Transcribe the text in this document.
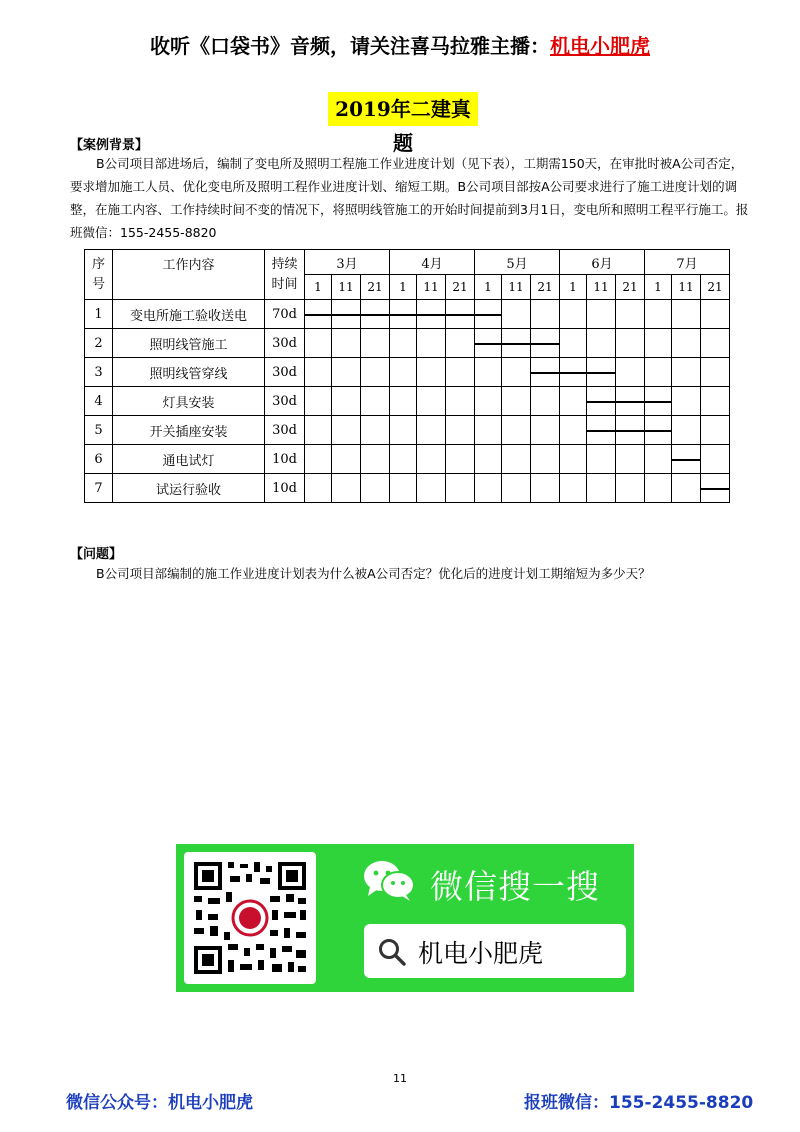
收听《口袋书》音频，请关注喜马拉雅主播：机电小肥虎
2019年二建真题
【案例背景】
B公司项目部进场后，编制了变电所及照明工程施工作业进度计划（见下表），工期需150天，在审批时被A公司否定，要求增加施工人员、优化变电所及照明工程作业进度计划、缩短工期。B公司项目部按A公司要求进行了施工进度计划的调整，在施工内容、工作持续时间不变的情况下，将照明线管施工的开始时间提前到3月1日，变电所和照明工程平行施工。报班微信：155-2455-8820
序号	工作内容	持续时间	3月			4月			5月			6月			7月		
			1	11	21	1	11	21	1	11	21	1	11	21	1	11	21
1	变电所施工验收送电	70d	

2	照明线管施工	30d							

3	照明线管穿线	30d									

4	灯具安装	30d											

5	开关插座安装	30d											

6	通电试灯	10d														

7	试运行验收	10d															
【问题】
B公司项目部编制的施工作业进度计划表为什么被A公司否定？优化后的进度计划工期缩短为多少天？
微信搜一搜
机电小肥虎
11
微信公众号：机电小肥虎	报班微信：155-2455-8820
